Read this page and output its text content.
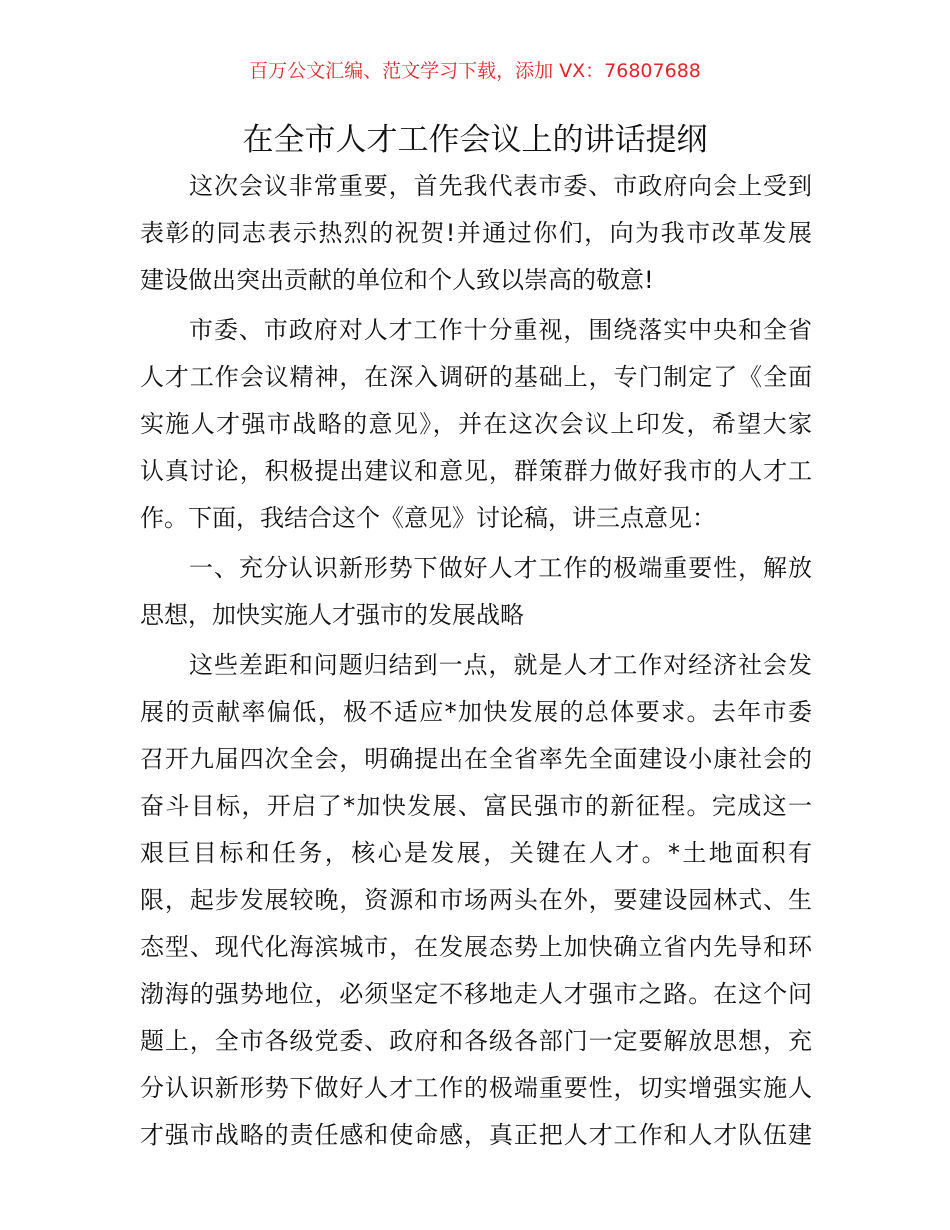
百万公文汇编、范文学习下载，添加 VX：76807688
在全市人才工作会议上的讲话提纲
这次会议非常重要，首先我代表市委、市政府向会上受到
表彰的同志表示热烈的祝贺!并通过你们，向为我市改革发展
建设做出突出贡献的单位和个人致以崇高的敬意!
市委、市政府对人才工作十分重视，围绕落实中央和全省
人才工作会议精神，在深入调研的基础上，专门制定了《全面
实施人才强市战略的意见》，并在这次会议上印发，希望大家
认真讨论，积极提出建议和意见，群策群力做好我市的人才工
作。下面，我结合这个《意见》讨论稿，讲三点意见：
一、充分认识新形势下做好人才工作的极端重要性，解放
思想，加快实施人才强市的发展战略
这些差距和问题归结到一点，就是人才工作对经济社会发
展的贡献率偏低，极不适应*加快发展的总体要求。去年市委
召开九届四次全会，明确提出在全省率先全面建设小康社会的
奋斗目标，开启了*加快发展、富民强市的新征程。完成这一
艰巨目标和任务，核心是发展，关键在人才。*土地面积有
限，起步发展较晚，资源和市场两头在外，要建设园林式、生
态型、现代化海滨城市，在发展态势上加快确立省内先导和环
渤海的强势地位，必须坚定不移地走人才强市之路。在这个问
题上，全市各级党委、政府和各级各部门一定要解放思想，充
分认识新形势下做好人才工作的极端重要性，切实增强实施人
才强市战略的责任感和使命感，真正把人才工作和人才队伍建
